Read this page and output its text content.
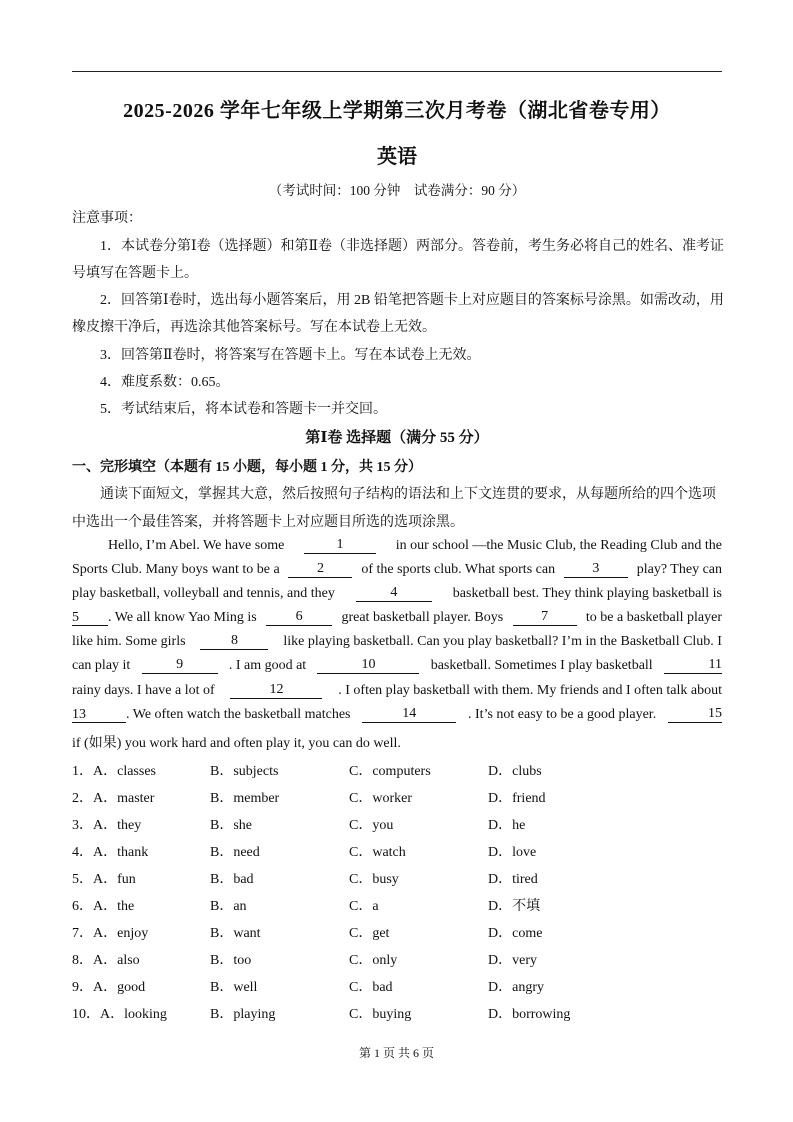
2025-2026 学年七年级上学期第三次月考卷（湖北省卷专用）
英语
（考试时间：100 分钟　试卷满分：90 分）
注意事项：
1．本试卷分第Ⅰ卷（选择题）和第Ⅱ卷（非选择题）两部分。答卷前，考生务必将自己的姓名、准考证
号填写在答题卡上。
2．回答第Ⅰ卷时，选出每小题答案后，用 2B 铅笔把答题卡上对应题目的答案标号涂黑。如需改动，用
橡皮擦干净后，再选涂其他答案标号。写在本试卷上无效。
3．回答第Ⅱ卷时，将答案写在答题卡上。写在本试卷上无效。
4．难度系数：0.65。
5．考试结束后，将本试卷和答题卡一并交回。
第Ⅰ卷 选择题（满分 55 分）
一、完形填空（本题有 15 小题，每小题 1 分，共 15 分）
通读下面短文，掌握其大意，然后按照句子结构的语法和上下文连贯的要求，从每题所给的四个选项
中选出一个最佳答案，并将答题卡上对应题目所选的选项涂黑。
Hello, I’m Abel. We have some	1	in our school —the Music Club, the Reading Club and the
Sports Club. Many boys want to be a	2	of the sports club. What sports can	3	play? They can
play basketball, volleyball and tennis, and they	4	basketball best. They think playing basketball is
5 . We all know Yao Ming is	6	great basketball player. Boys	7	to be a basketball player
like him. Some girls	8	like playing basketball. Can you play basketball? I’m in the Basketball Club. I
can play it	9	. I am good at	10	basketball. Sometimes I play basketball	11
rainy days. I have a lot of	12	. I often play basketball with them. My friends and I often talk about
13	. We often watch the basketball matches	14	. It’s not easy to be a good player.	15
if (如果) you work hard and often play it, you can do well.
1．A．classes	B．subjects	C．computers	D．clubs
2．A．master	B．member	C．worker	D．friend
3．A．they	B．she	C．you	D．he
4．A．thank	B．need	C．watch	D．love
5．A．fun	B．bad	C．busy	D．tired
6．A．the	B．an	C．a	D．不填
7．A．enjoy	B．want	C．get	D．come
8．A．also	B．too	C．only	D．very
9．A．good	B．well	C．bad	D．angry
10．A．looking	B．playing	C．buying	D．borrowing
第 1 页 共 6 页
